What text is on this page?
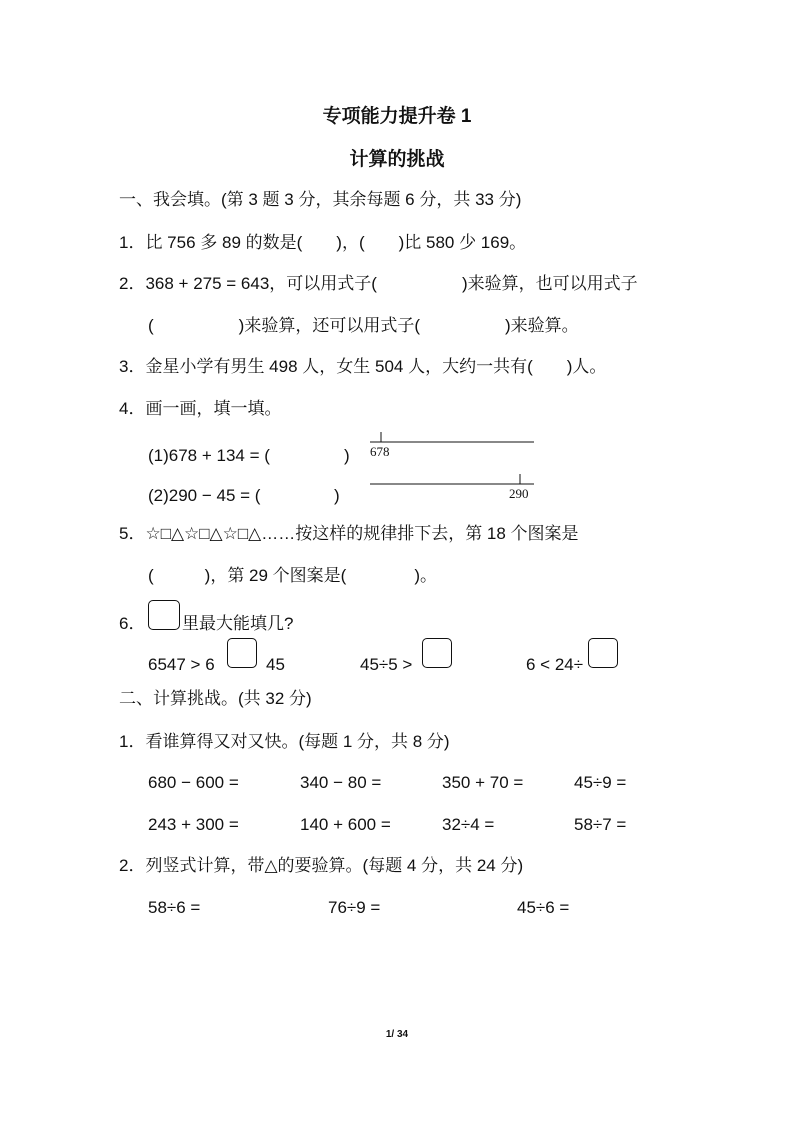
专项能力提升卷 1
计算的挑战
一、我会填。(第 3 题 3 分，其余每题 6 分，共 33 分)
1．比 756 多 89 的数是(　　)，(　　)比 580 少 169。
2．368 + 275 = 643，可以用式子(　　　　　)来验算，也可以用式子
(　　　　　)来验算，还可以用式子(　　　　　)来验算。
3．金星小学有男生 498 人，女生 504 人，大约一共有(　　)人。
4．画一画，填一填。
(1)678 + 134 = (	)
(2)290 − 45 = (	)
678
290
5．☆□△☆□△☆□△……按这样的规律排下去，第 18 个图案是
(　　　)，第 29 个图案是(　　　　)。
6． 里最大能填几?
6547 > 6	45	45÷5 >	6 < 24÷
二、计算挑战。(共 32 分)
1．看谁算得又对又快。(每题 1 分，共 8 分)
680 − 600 =	340 − 80 =	350 + 70 =	45÷9 =
243 + 300 =	140 + 600 =	32÷4 =	58÷7 =
2．列竖式计算，带△的要验算。(每题 4 分，共 24 分)
58÷6 =	76÷9 =	45÷6 =
1/ 34
